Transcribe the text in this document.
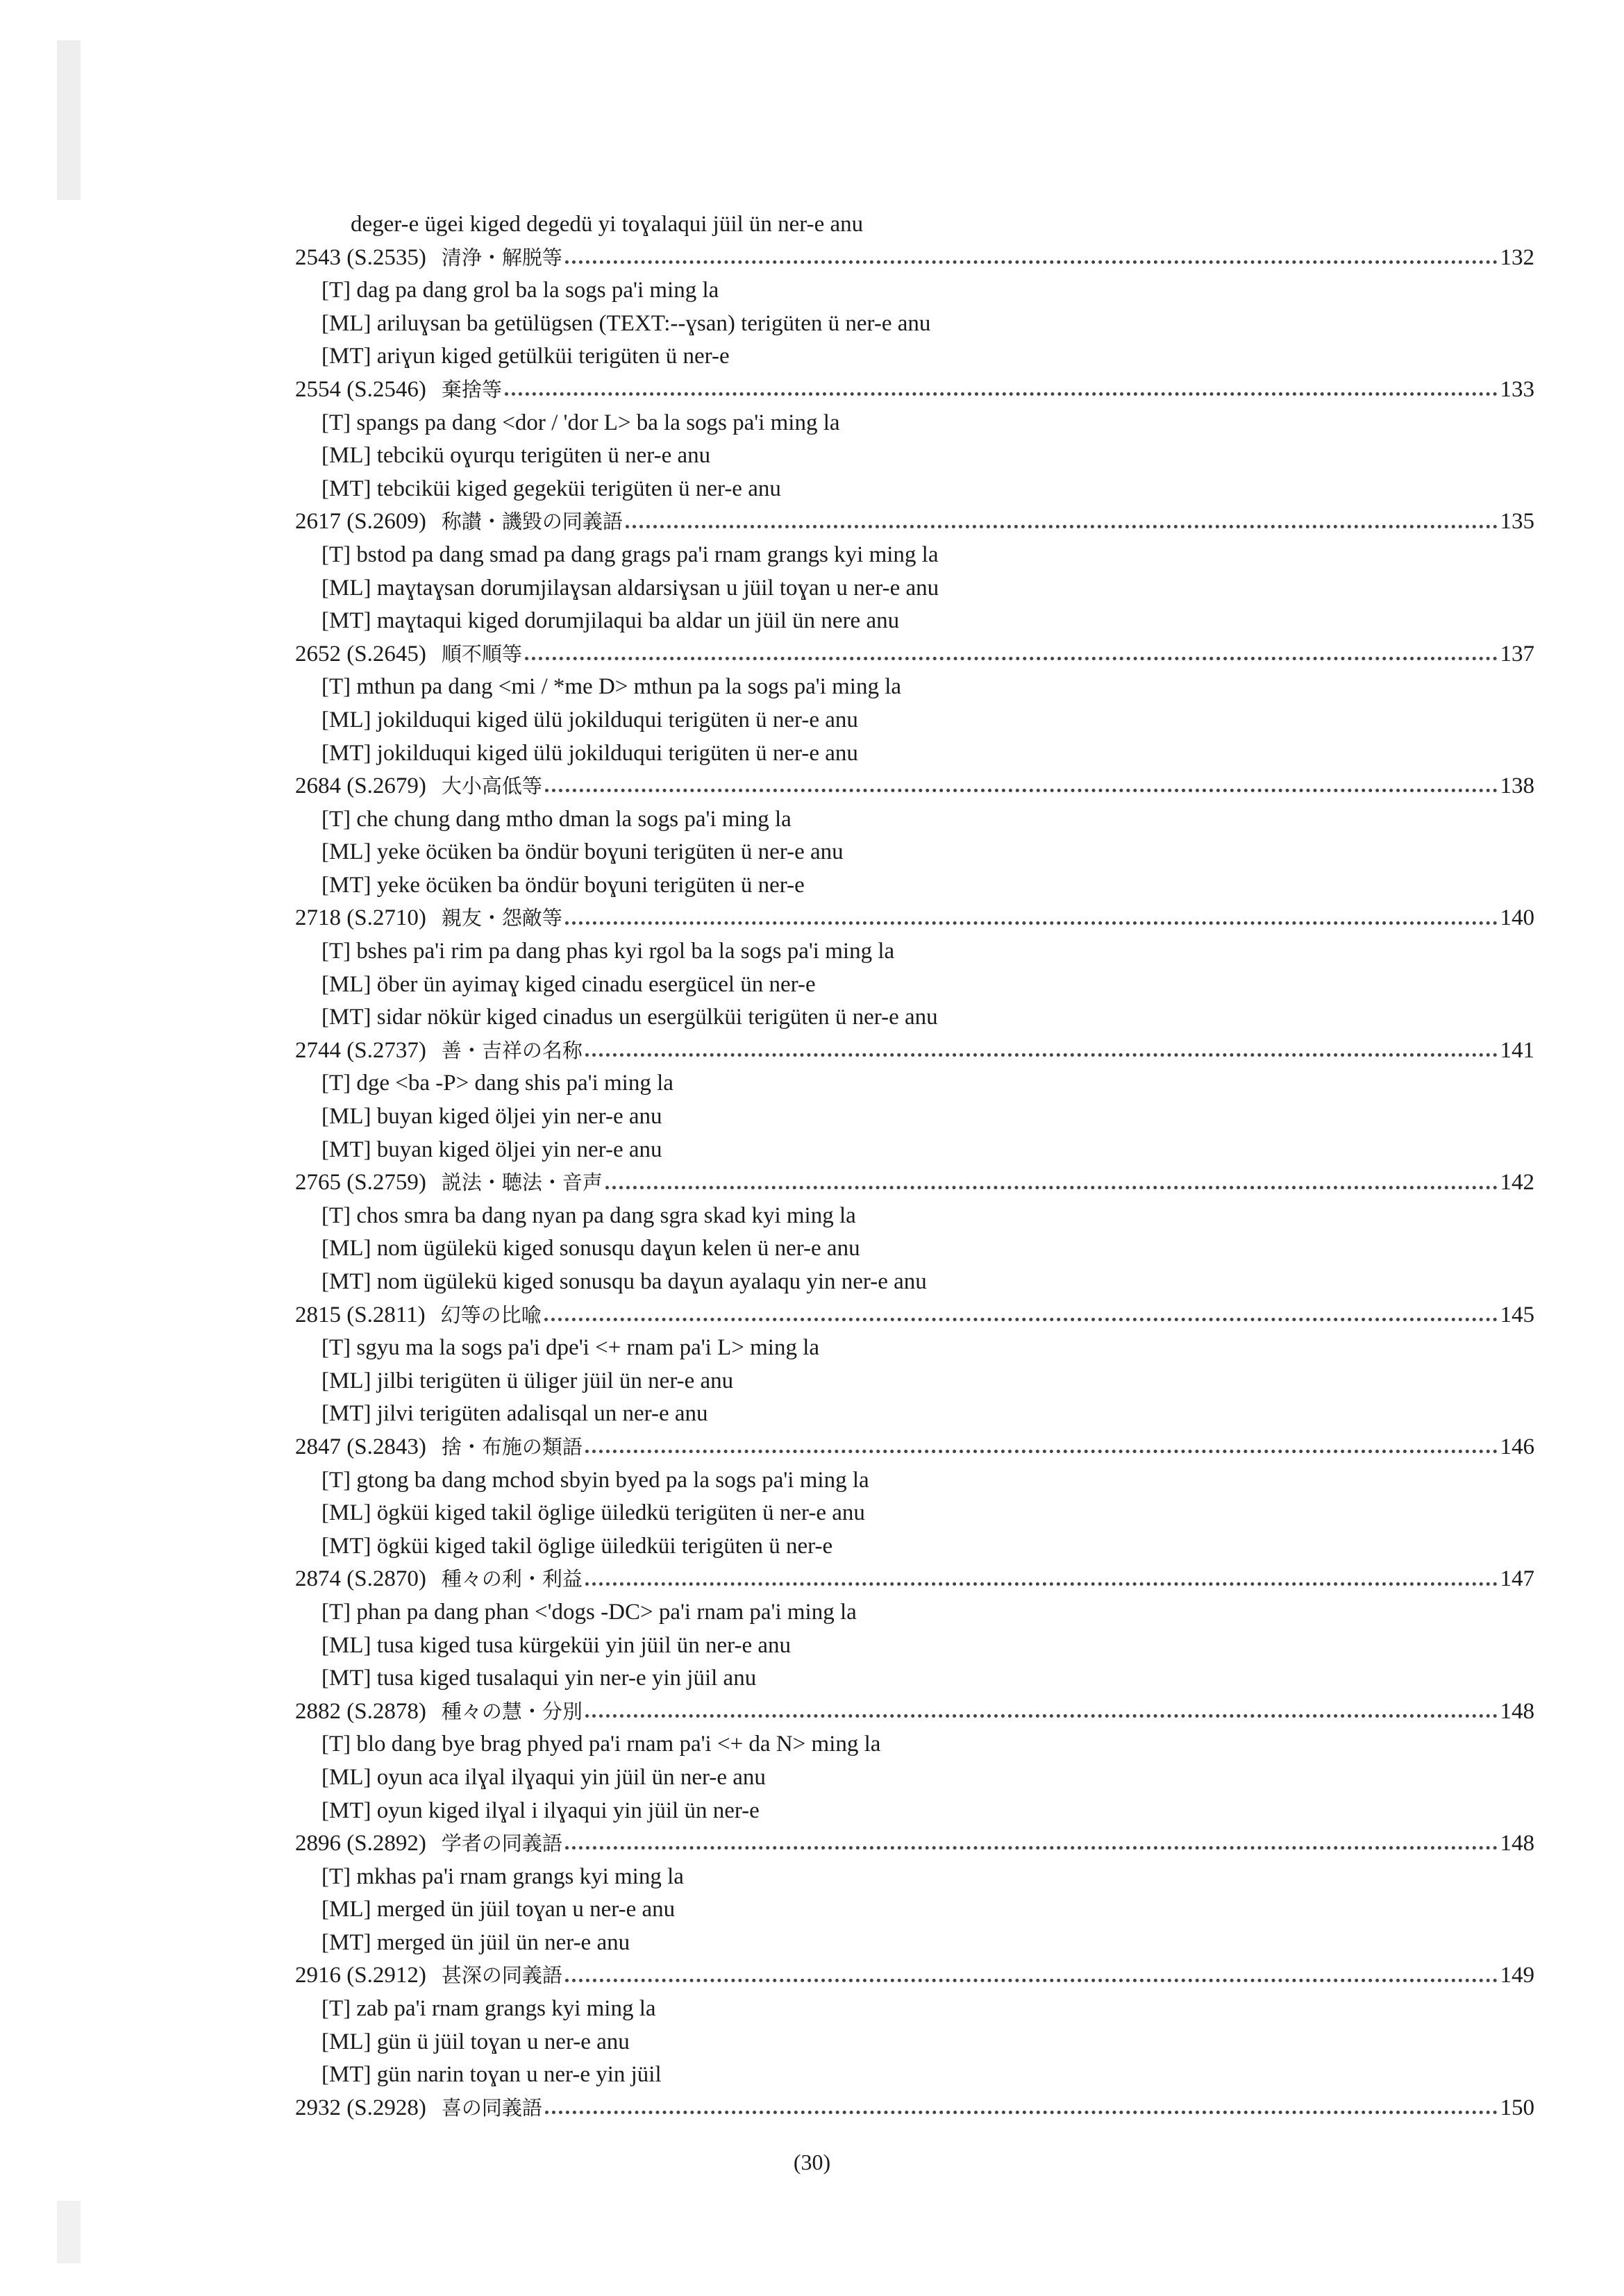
deger-e ügei kiged degedü yi toɣalaqui jüil ün ner-e anu
2543 (S.2535) 清浄・解脱等	132
[T] dag pa dang grol ba la sogs pa'i ming la
[ML] ariluɣsan ba getülügsen (TEXT:--ɣsan) terigüten ü ner-e anu
[MT] ariɣun kiged getülküi terigüten ü ner-e
2554 (S.2546) 棄捨等	133
[T] spangs pa dang <dor / 'dor L> ba la sogs pa'i ming la
[ML] tebcikü oɣurqu terigüten ü ner-e anu
[MT] tebciküi kiged gegeküi terigüten ü ner-e anu
2617 (S.2609) 称讃・譏毀の同義語	135
[T] bstod pa dang smad pa dang grags pa'i rnam grangs kyi ming la
[ML] maɣtaɣsan dorumjilaɣsan aldarsiɣsan u jüil toɣan u ner-e anu
[MT] maɣtaqui kiged dorumjilaqui ba aldar un jüil ün nere anu
2652 (S.2645) 順不順等	137
[T] mthun pa dang <mi / *me D> mthun pa la sogs pa'i ming la
[ML] jokilduqui kiged ülü jokilduqui terigüten ü ner-e anu
[MT] jokilduqui kiged ülü jokilduqui terigüten ü ner-e anu
2684 (S.2679) 大小高低等	138
[T] che chung dang mtho dman la sogs pa'i ming la
[ML] yeke öcüken ba öndür boɣuni terigüten ü ner-e anu
[MT] yeke öcüken ba öndür boɣuni terigüten ü ner-e
2718 (S.2710) 親友・怨敵等	140
[T] bshes pa'i rim pa dang phas kyi rgol ba la sogs pa'i ming la
[ML] öber ün ayimaɣ kiged cinadu esergücel ün ner-e
[MT] sidar nökür kiged cinadus un esergülküi terigüten ü ner-e anu
2744 (S.2737) 善・吉祥の名称	141
[T] dge <ba -P> dang shis pa'i ming la
[ML] buyan kiged öljei yin ner-e anu
[MT] buyan kiged öljei yin ner-e anu
2765 (S.2759) 説法・聴法・音声	142
[T] chos smra ba dang nyan pa dang sgra skad kyi ming la
[ML] nom ügülekü kiged sonusqu daɣun kelen ü ner-e anu
[MT] nom ügülekü kiged sonusqu ba daɣun ayalaqu yin ner-e anu
2815 (S.2811) 幻等の比喩	145
[T] sgyu ma la sogs pa'i dpe'i <+ rnam pa'i L> ming la
[ML] jilbi terigüten ü üliger jüil ün ner-e anu
[MT] jilvi terigüten adalisqal un ner-e anu
2847 (S.2843) 捨・布施の類語	146
[T] gtong ba dang mchod sbyin byed pa la sogs pa'i ming la
[ML] ögküi kiged takil öglige üiledkü terigüten ü ner-e anu
[MT] ögküi kiged takil öglige üiledküi terigüten ü ner-e
2874 (S.2870) 種々の利・利益	147
[T] phan pa dang phan <'dogs -DC> pa'i rnam pa'i ming la
[ML] tusa kiged tusa kürgeküi yin jüil ün ner-e anu
[MT] tusa kiged tusalaqui yin ner-e yin jüil anu
2882 (S.2878) 種々の慧・分別	148
[T] blo dang bye brag phyed pa'i rnam pa'i <+ da N> ming la
[ML] oyun aca ilɣal ilɣaqui yin jüil ün ner-e anu
[MT] oyun kiged ilɣal i ilɣaqui yin jüil ün ner-e
2896 (S.2892) 学者の同義語	148
[T] mkhas pa'i rnam grangs kyi ming la
[ML] merged ün jüil toɣan u ner-e anu
[MT] merged ün jüil ün ner-e anu
2916 (S.2912) 甚深の同義語	149
[T] zab pa'i rnam grangs kyi ming la
[ML] gün ü jüil toɣan u ner-e anu
[MT] gün narin toɣan u ner-e yin jüil
2932 (S.2928) 喜の同義語	150
(30)
